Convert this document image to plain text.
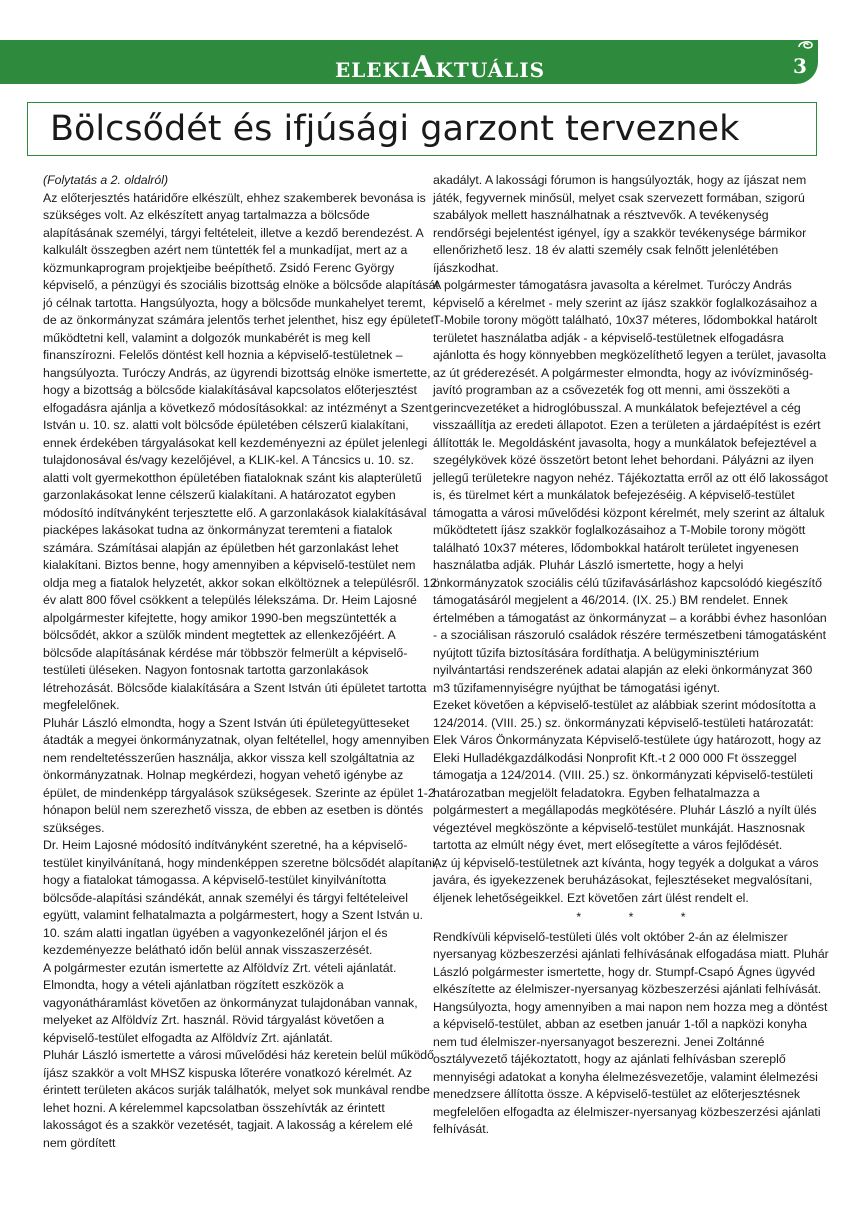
ELEKIAKTUÁLIS	3
Bölcsődét és ifjúsági garzont terveznek

(Folytatás a 2. oldalról)

Az előterjesztés határidőre elkészült, ehhez szakemberek bevonása is szükséges volt. Az elkészített anyag tartalmazza a bölcsőde alapításának személyi, tárgyi feltételeit, illetve a kezdő berendezést. A kalkulált összegben azért nem tüntették fel a munkadíjat, mert az a közmunkaprogram projektjeibe beépíthető. Zsidó Ferenc György képviselő, a pénzügyi és szociális bizottság elnöke a bölcsőde alapítását jó célnak tartotta. Hangsúlyozta, hogy a bölcsőde munkahelyet teremt, de az önkormányzat számára jelentős terhet jelenthet, hisz egy épületet működtetni kell, valamint a dolgozók munkabérét is meg kell finanszírozni. Felelős döntést kell hoznia a képviselő-testületnek – hangsúlyozta. Turóczy András, az ügyrendi bizottság elnöke ismertette, hogy a bizottság a bölcsőde kialakításával kapcsolatos előterjesztést elfogadásra ajánlja a következő módosításokkal: az intézményt a Szent István u. 10. sz. alatti volt bölcsőde épületében célszerű kialakítani, ennek érdekében tárgyalásokat kell kezdeményezni az épület jelenlegi tulajdonosával és/vagy kezelőjével, a KLIK-kel. A Táncsics u. 10. sz. alatti volt gyermekotthon épületében fiataloknak szánt kis alapterületű garzonlakásokat lenne célszerű kialakítani. A határozatot egyben módosító indítványként terjesztette elő. A garzonlakások kialakításával piacképes lakásokat tudna az önkormányzat teremteni a fiatalok számára. Számításai alapján az épületben hét garzonlakást lehet kialakítani. Biztos benne, hogy amennyiben a képviselő-testület nem oldja meg a fiatalok helyzetét, akkor sokan elköltöznek a településről. 12 év alatt 800 fővel csökkent a település lélekszáma. Dr. Heim Lajosné alpolgármester kifejtette, hogy amikor 1990-ben megszüntették a bölcsődét, akkor a szülők mindent megtettek az ellenkezőjéért. A bölcsőde alapításának kérdése már többször felmerült a képviselő-testületi üléseken. Nagyon fontosnak tartotta garzonlakások létrehozását. Bölcsőde kialakítására a Szent István úti épületet tartotta megfelelőnek.

Pluhár László elmondta, hogy a Szent István úti épületegyütteseket átadták a megyei önkormányzatnak, olyan feltétellel, hogy amennyiben nem rendeltetésszerűen használja, akkor vissza kell szolgáltatnia az önkormányzatnak. Holnap megkérdezi, hogyan vehető igénybe az épület, de mindenképp tárgyalások szükségesek. Szerinte az épület 1-2 hónapon belül nem szerezhető vissza, de ebben az esetben is döntés szükséges.

Dr. Heim Lajosné módosító indítványként szeretné, ha a képviselő-testület kinyilvánítaná, hogy mindenképpen szeretne bölcsődét alapítani, hogy a fiatalokat támogassa. A képviselő-testület kinyilvánította bölcsőde-alapítási szándékát, annak személyi és tárgyi feltételeivel együtt, valamint felhatalmazta a polgármestert, hogy a Szent István u. 10. szám alatti ingatlan ügyében a vagyonkezelőnél járjon el és kezdeményezze belátható időn belül annak visszaszerzését.

A polgármester ezután ismertette az Alföldvíz Zrt. vételi ajánlatát. Elmondta, hogy a vételi ajánlatban rögzített eszközök a vagyonátháramlást követően az önkormányzat tulajdonában vannak, melyeket az Alföldvíz Zrt. használ. Rövid tárgyalást követően a képviselő-testület elfogadta az Alföldvíz Zrt. ajánlatát.

Pluhár László ismertette a városi művelődési ház keretein belül működő íjász szakkör a volt MHSZ kispuska lőterére vonatkozó kérelmét. Az érintett területen akácos surják találhatók, melyet sok munkával rendbe lehet hozni. A kérelemmel kapcsolatban összehívták az érintett lakosságot és a szakkör vezetését, tagjait. A lakosság a kérelem elé nem gördített

akadályt. A lakossági fórumon is hangsúlyozták, hogy az íjászat nem játék, fegyvernek minősül, melyet csak szervezett formában, szigorú szabályok mellett használhatnak a résztvevők. A tevékenység rendőrségi bejelentést igényel, így a szakkör tevékenysége bármikor ellenőrizhető lesz. 18 év alatti személy csak felnőtt jelenlétében íjászkodhat.

A polgármester támogatásra javasolta a kérelmet. Turóczy András képviselő a kérelmet - mely szerint az íjász szakkör foglalkozásaihoz a T-Mobile torony mögött található, 10x37 méteres, lődombokkal határolt területet használatba adják - a képviselő-testületnek elfogadásra ajánlotta és hogy könnyebben megközelíthető legyen a terület, javasolta az út gréderezését. A polgármester elmondta, hogy az ivóvízminőség-javító programban az a csővezeték fog ott menni, ami összeköti a gerincvezetéket a hidroglóbusszal. A munkálatok befejeztével a cég visszaállítja az eredeti állapotot. Ezen a területen a járdaépítést is ezért állították le. Megoldásként javasolta, hogy a munkálatok befejeztével a szegélykövek közé összetört betont lehet behordani. Pályázni az ilyen jellegű területekre nagyon nehéz. Tájékoztatta erről az ott élő lakosságot is, és türelmet kért a munkálatok befejezéséig. A képviselő-testület támogatta a városi művelődési központ kérelmét, mely szerint az általuk működtetett íjász szakkör foglalkozásaihoz a T-Mobile torony mögött található 10x37 méteres, lődombokkal határolt területet ingyenesen használatba adják. Pluhár László ismertette, hogy a helyi önkormányzatok szociális célú tűzifavásárláshoz kapcsolódó kiegészítő támogatásáról megjelent a 46/2014. (IX. 25.) BM rendelet. Ennek értelmében a támogatást az önkormányzat – a korábbi évhez hasonlóan - a szociálisan rászoruló családok részére természetbeni támogatásként nyújtott tűzifa biztosítására fordíthatja. A belügyminisztérium nyilvántartási rendszerének adatai alapján az eleki önkormányzat 360 m3 tűzifamennyiségre nyújthat be támogatási igényt.

Ezeket követően a képviselő-testület az alábbiak szerint módosította a 124/2014. (VIII. 25.) sz. önkormányzati képviselő-testületi határozatát: Elek Város Önkormányzata Képviselő-testülete úgy határozott, hogy az Eleki Hulladékgazdálkodási Nonprofit Kft.-t 2 000 000 Ft összeggel támogatja a 124/2014. (VIII. 25.) sz. önkormányzati képviselő-testületi határozatban megjelölt feladatokra. Egyben felhatalmazza a polgármestert a megállapodás megkötésére. Pluhár László a nyílt ülés végeztével megköszönte a képviselő-testület munkáját. Hasznosnak tartotta az elmúlt négy évet, mert elősegítette a város fejlődését.

Az új képviselő-testületnek azt kívánta, hogy tegyék a dolgukat a város javára, és igyekezzenek beruházásokat, fejlesztéseket megvalósítani, éljenek lehetőségeikkel. Ezt követően zárt ülést rendelt el.

* * *

Rendkívüli képviselő-testületi ülés volt október 2-án az élelmiszer nyersanyag közbeszerzési ajánlati felhívásának elfogadása miatt. Pluhár László polgármester ismertette, hogy dr. Stumpf-Csapó Ágnes ügyvéd elkészítette az élelmiszer-nyersanyag közbeszerzési ajánlati felhívását. Hangsúlyozta, hogy amennyiben a mai napon nem hozza meg a döntést a képviselő-testület, abban az esetben január 1-től a napközi konyha nem tud élelmiszer-nyersanyagot beszerezni. Jenei Zoltánné osztályvezető tájékoztatott, hogy az ajánlati felhívásban szereplő mennyiségi adatokat a konyha élelmezésvezetője, valamint élelmezési menedzsere állította össze. A képviselő-testület az előterjesztésnek megfelelően elfogadta az élelmiszer-nyersanyag közbeszerzési ajánlati felhívását.
